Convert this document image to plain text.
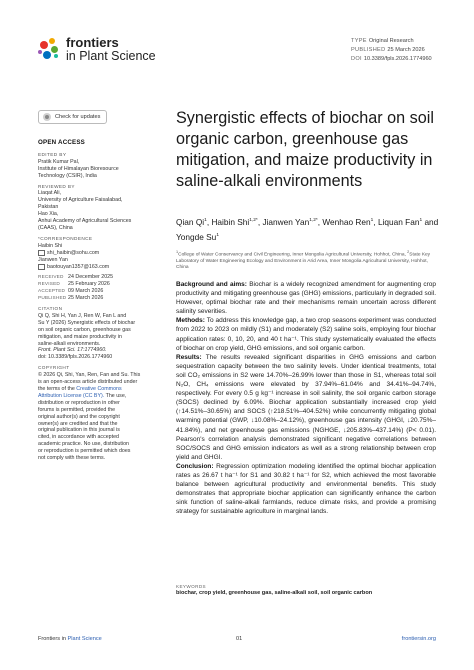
frontiers
in Plant Science
TYPE Original Research
PUBLISHED 25 March 2026
DOI 10.3389/fpls.2026.1774960
Check for updates
OPEN ACCESS
EDITED BY
Pratik Kumar Pal,
Institute of Himalayan Bioresource
Technology (CSIR), India
REVIEWED BY
Liaqat Ali,
University of Agriculture Faisalabad,
Pakistan
Hao Xia,
Anhui Academy of Agricultural Sciences
(CAAS), China
*CORRESPONDENCE
Haibin Shi
shi_haibin@sohu.com
Jianwen Yan
baotouyan1357@163.com
RECEIVED 24 December 2025
REVISED 25 February 2026
ACCEPTED 09 March 2026
PUBLISHED 25 March 2026
CITATION
Qi Q, Shi H, Yan J, Ren W, Fan L and
Su Y (2026) Synergistic effects of biochar
on soil organic carbon, greenhouse gas
mitigation, and maize productivity in
saline-alkali environments.
Front. Plant Sci. 17:1774960.
doi: 10.3389/fpls.2026.1774960
COPYRIGHT
© 2026 Qi, Shi, Yan, Ren, Fan and Su. This
is an open-access article distributed under
the terms of the Creative Commons
Attribution License (CC BY). The use,
distribution or reproduction in other
forums is permitted, provided the
original author(s) and the copyright
owner(s) are credited and that the
original publication in this journal is
cited, in accordance with accepted
academic practice. No use, distribution
or reproduction is permitted which does
not comply with these terms.
Synergistic effects of biochar on soil organic carbon, greenhouse gas mitigation, and maize productivity in saline-alkali environments
Qian Qi$^1$, Haibin Shi$^{1,2*}$, Jianwen Yan$^{1,2*}$, Wenhao Ren$^1$, Liquan Fan$^1$ and Yongde Su$^1$
$^1$College of Water Conservancy and Civil Engineering, Inner Mongolia Agricultural University, Hohhot, China, $^2$State Key Laboratory of Water Engineering Ecology and Environment in Arid Area, Inner Mongolia Agricultural University, Hohhot, China

Background and aims: Biochar is a widely recognized amendment for augmenting crop productivity and mitigating greenhouse gas (GHG) emissions, particularly in degraded soil. However, optimal biochar rate and their mechanisms remain uncertain across different salinity severities.

Methods: To address this knowledge gap, a two crop seasons experiment was conducted from 2022 to 2023 on mildly (S1) and moderately (S2) saline soils, employing four biochar application rates: 0, 10, 20, and 40 t ha⁻¹. This study systematically evaluated the effects of biochar on crop yield, GHG emissions, and soil organic carbon.

Results: The results revealed significant disparities in GHG emissions and carbon sequestration capacity between the two salinity levels. Under identical treatments, total soil CO₂ emissions in S2 were 14.70%–26.99% lower than those in S1, whereas total soil N₂O, CH₄ emissions were elevated by 37.94%–61.04% and 34.41%–94.74%, respectively. For every 0.5 g kg⁻¹ increase in soil salinity, the soil organic carbon storage (SOCS) declined by 6.09%. Biochar application substantially increased crop yield (↑14.51%–30.65%) and SOCS (↑218.51%–404.52%) while concurrently mitigating global warming potential (GWP, ↓10.08%–24.12%), greenhouse gas intensity (GHGI, ↓20.75%–41.84%), and net greenhouse gas emissions (NGHGE, ↓205.83%–437.14%) (P< 0.01). Pearson's correlation analysis demonstrated significant negative correlations between SOC/SOCS and GHG emission indicators as well as a strong relationship between crop yield and GHGI.

Conclusion: Regression optimization modeling identified the optimal biochar application rates as 26.67 t ha⁻¹ for S1 and 30.82 t ha⁻¹ for S2, which achieved the most favorable balance between agricultural productivity and environmental benefits. This study demonstrates that appropriate biochar application can significantly enhance the carbon sink function of saline-alkali farmlands, reduce climate risks, and provide a promising strategy for sustainable agriculture in marginal lands.

KEYWORDS
biochar, crop yield, greenhouse gas, saline-alkali soil, soil organic carbon
Frontiers in Plant Science	01	frontiersin.org
